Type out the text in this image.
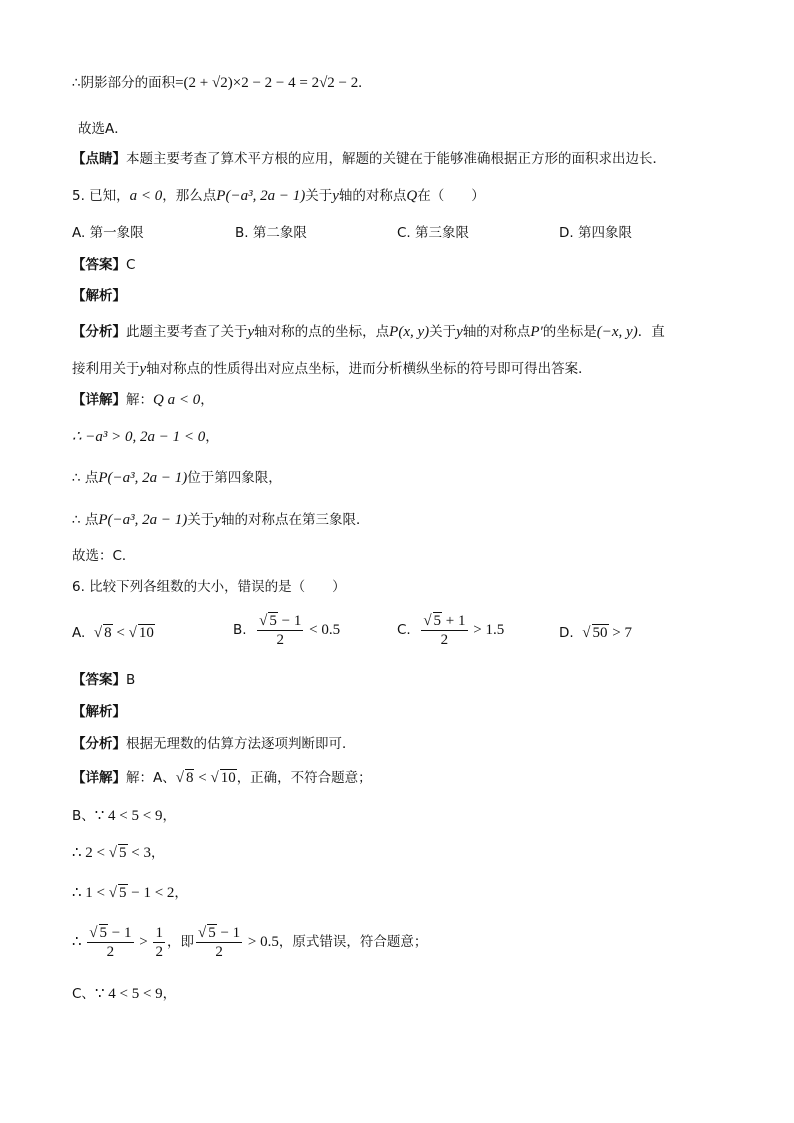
∴阴影部分的面积=(2 + √2)×2 − 2 − 4 = 2√2 − 2.
故选A．
【点睛】本题主要考查了算术平方根的应用，解题的关键在于能够准确根据正方形的面积求出边长．
5. 已知，a < 0，那么点P(−a³, 2a − 1)关于y轴的对称点Q在（　　）
A. 第一象限	B. 第二象限	C. 第三象限	D. 第四象限
【答案】C
【解析】
【分析】此题主要考查了关于y轴对称的点的坐标，点P(x, y)关于y轴的对称点P′的坐标是(−x, y)．直
接利用关于y轴对称点的性质得出对应点坐标，进而分析横纵坐标的符号即可得出答案．
【详解】解：Q a < 0，
∴ −a³ > 0, 2a − 1 < 0，
∴ 点P(−a³, 2a − 1)位于第四象限，
∴ 点P(−a³, 2a − 1)关于y轴的对称点在第三象限．
故选：C．
6. 比较下列各组数的大小，错误的是（　　）
A. √ 8 < √ 10	B. $\frac{√ 5 - 1}{2} < 0.5$	C. $\frac{√ 5 + 1}{2} > 1.5$	D. √ 50 > 7
【答案】B
【解析】
【分析】根据无理数的估算方法逐项判断即可．
【详解】解：A、√ 8 < √ 10，正确，不符合题意；
B、∵ 4 < 5 < 9，
∴ 2 < √ 5 < 3，
∴ 1 < √ 5 − 1 < 2，
∴ $\frac{√ 5 - 1}{2} > \frac{1}{2}$ ，即 $\frac{√ 5 - 1}{2} > 0.5$，原式错误，符合题意；
C、∵ 4 < 5 < 9，
